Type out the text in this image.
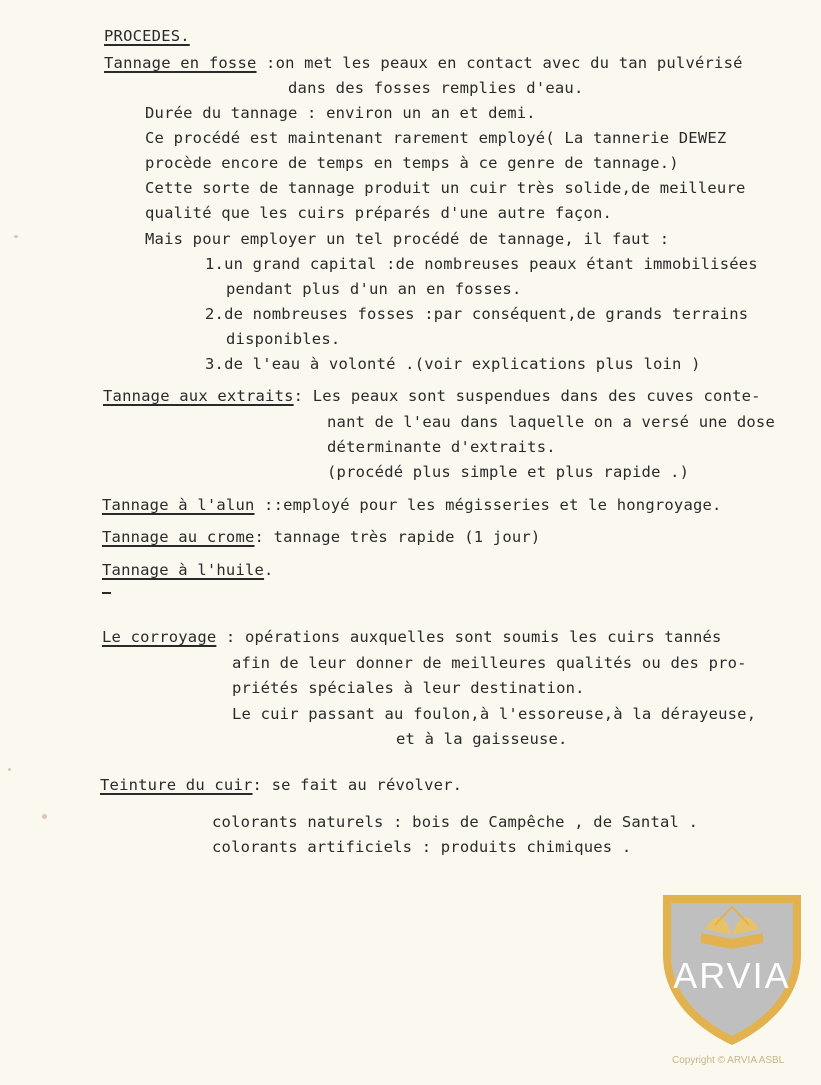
PROCEDES.
Tannage en fosse :on met les peaux en contact avec du tan pulvérisé
dans des fosses remplies d'eau.
Durée du tannage : environ un an et demi.
Ce procédé est maintenant rarement employé( La tannerie DEWEZ
procède encore de temps en temps à ce genre de tannage.)
Cette sorte de tannage produit un cuir très solide,de meilleure
qualité que les cuirs préparés d'une autre façon.
Mais pour employer un tel procédé de tannage, il faut :
1.un grand capital :de nombreuses peaux étant immobilisées
pendant plus d'un an en fosses.
2.de nombreuses fosses :par conséquent,de grands terrains
disponibles.
3.de l'eau à volonté .(voir explications plus loin )
Tannage aux extraits: Les peaux sont suspendues dans des cuves conte-
nant de l'eau dans laquelle on a versé une dose
déterminante d'extraits.
(procédé plus simple et plus rapide .)
Tannage à l'alun ::employé pour les mégisseries et le hongroyage.
Tannage au crome: tannage très rapide (1 jour)
Tannage à l'huile.
Le corroyage : opérations auxquelles sont soumis les cuirs tannés
afin de leur donner de meilleures qualités ou des pro-
priétés spéciales à leur destination.
Le cuir passant au foulon,à l'essoreuse,à la dérayeuse,
et à la gaisseuse.
Teinture du cuir: se fait au révolver.
colorants naturels : bois de Campêche , de Santal .
colorants artificiels : produits chimiques .
ARVIA
Copyright © ARVIA ASBL
